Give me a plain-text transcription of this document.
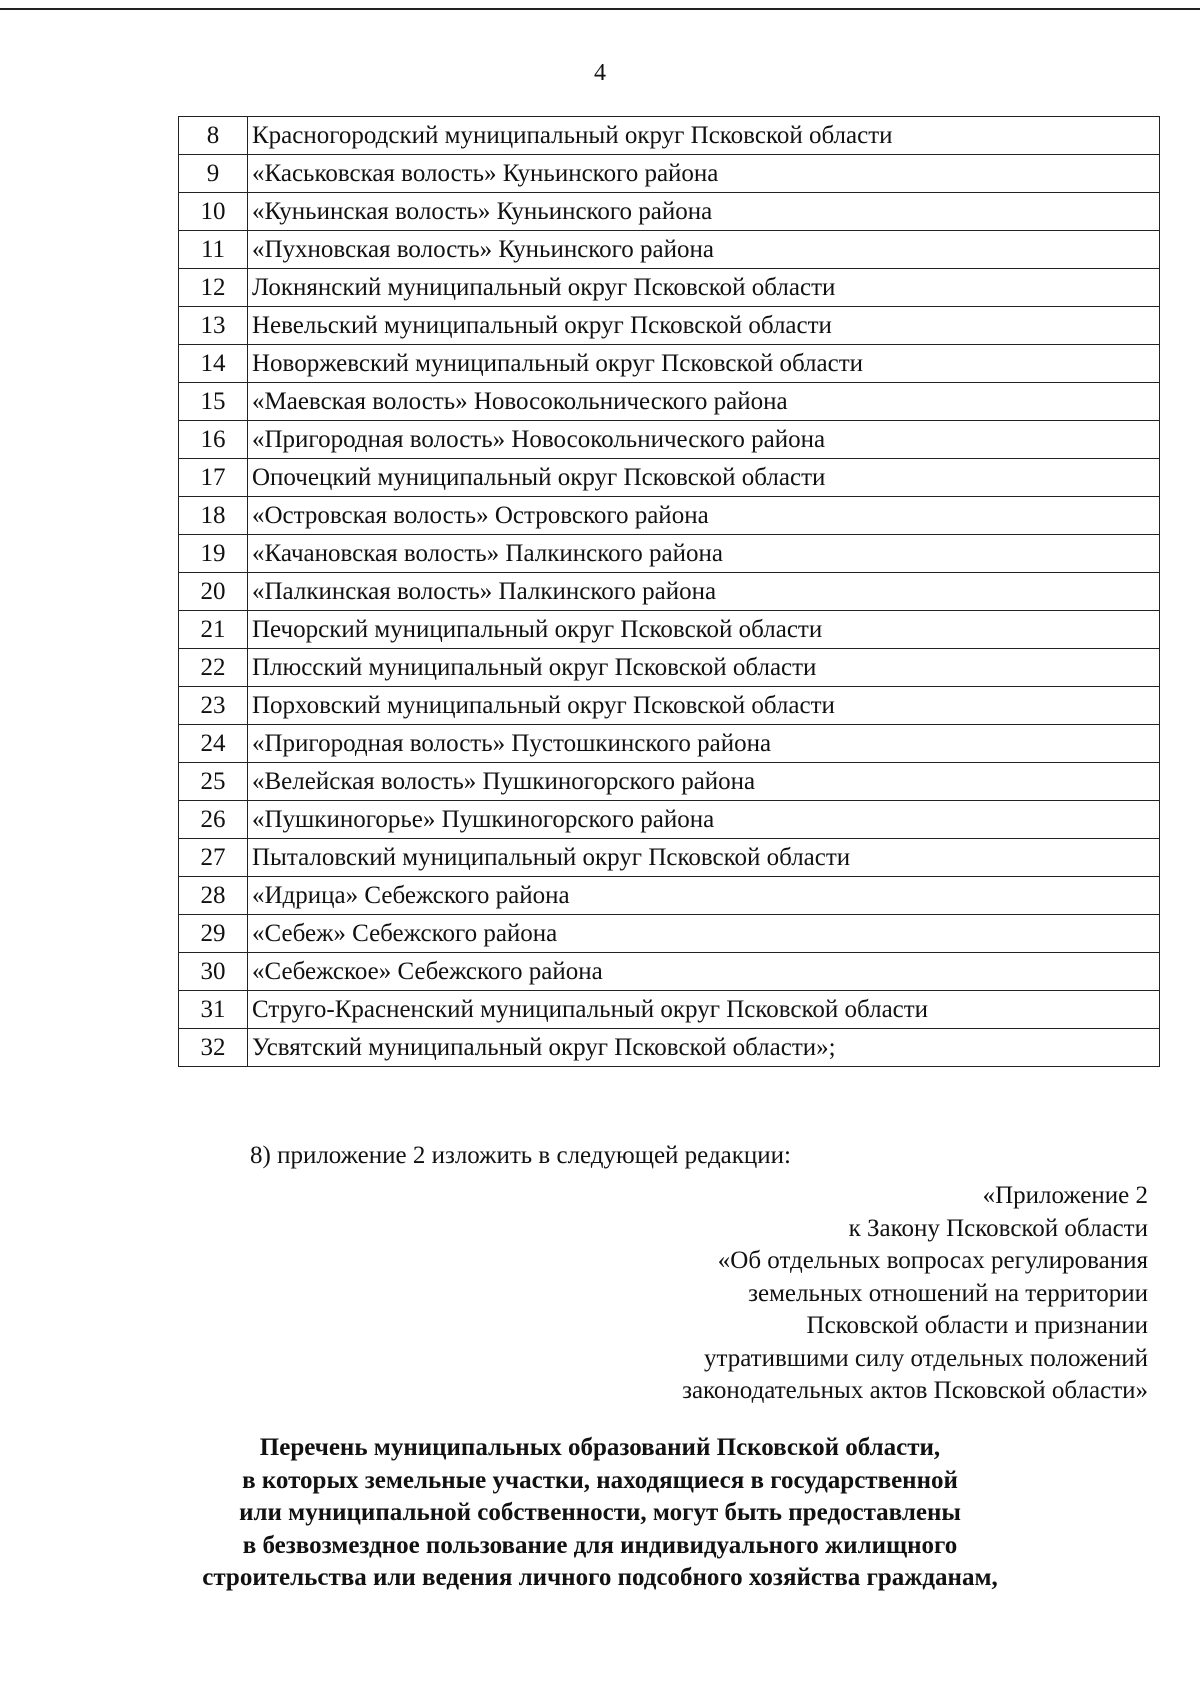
4
8	Красногородский муниципальный округ Псковской области
9	«Каськовская волость» Куньинского района
10	«Куньинская волость» Куньинского района
11	«Пухновская волость» Куньинского района
12	Локнянский муниципальный округ Псковской области
13	Невельский муниципальный округ Псковской области
14	Новоржевский муниципальный округ Псковской области
15	«Маевская волость» Новосокольнического района
16	«Пригородная волость» Новосокольнического района
17	Опочецкий муниципальный округ Псковской области
18	«Островская волость» Островского района
19	«Качановская волость» Палкинского района
20	«Палкинская волость» Палкинского района
21	Печорский муниципальный округ Псковской области
22	Плюсский муниципальный округ Псковской области
23	Порховский муниципальный округ Псковской области
24	«Пригородная волость» Пустошкинского района
25	«Велейская волость» Пушкиногорского района
26	«Пушкиногорье» Пушкиногорского района
27	Пыталовский муниципальный округ Псковской области
28	«Идрица» Себежского района
29	«Себеж» Себежского района
30	«Себежское» Себежского района
31	Струго-Красненский муниципальный округ Псковской области
32	Усвятский муниципальный округ Псковской области»;
8) приложение 2 изложить в следующей редакции:
«Приложение 2
к Закону Псковской области
«Об отдельных вопросах регулирования
земельных отношений на территории
Псковской области и признании
утратившими силу отдельных положений
законодательных актов Псковской области»
Перечень муниципальных образований Псковской области,
в которых земельные участки, находящиеся в государственной
или муниципальной собственности, могут быть предоставлены
в безвозмездное пользование для индивидуального жилищного
строительства или ведения личного подсобного хозяйства гражданам,
